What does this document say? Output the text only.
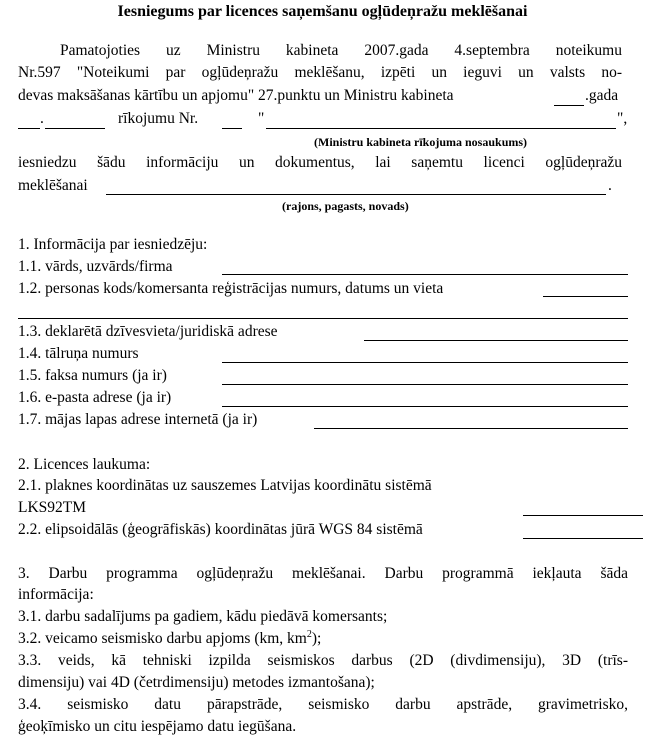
Iesniegums par licences saņemšanu ogļūdeņražu meklēšanai
Pamatojoties uz Ministru kabineta 2007.gada 4.septembra noteikumu
Nr.597 "Noteikumi par ogļūdeņražu meklēšanu, izpēti un ieguvi un valsts no-
devas maksāšanas kārtību un apjomu" 27.punktu un Ministru kabineta	.gada
.	rīkojumu Nr.	"	",
(Ministru kabineta rīkojuma nosaukums)
iesniedzu šādu informāciju un dokumentus, lai saņemtu licenci ogļūdeņražu
meklēšanai	.
(rajons, pagasts, novads)
1. Informācija par iesniedzēju:
1.1. vārds, uzvārds/firma
1.2. personas kods/komersanta reģistrācijas numurs, datums un vieta
1.3. deklarētā dzīvesvieta/juridiskā adrese
1.4. tālruņa numurs
1.5. faksa numurs (ja ir)
1.6. e-pasta adrese (ja ir)
1.7. mājas lapas adrese internetā (ja ir)
2. Licences laukuma:
2.1. plaknes koordinātas uz sauszemes Latvijas koordinātu sistēmā
LKS92TM
2.2. elipsoidālās (ģeogrāfiskās) koordinātas jūrā WGS 84 sistēmā
3. Darbu programma ogļūdeņražu meklēšanai. Darbu programmā iekļauta šāda
informācija:
3.1. darbu sadalījums pa gadiem, kādu piedāvā komersants;
3.2. veicamo seismisko darbu apjoms (km, $km^2$);
3.3. veids, kā tehniski izpilda seismiskos darbus (2D (divdimensiju), 3D (trīs-
dimensiju) vai 4D (četrdimensiju) metodes izmantošana);
3.4. seismisko datu pārapstrāde, seismisko darbu apstrāde, gravimetrisko,
ģeoķīmisko un citu iespējamo datu iegūšana.
